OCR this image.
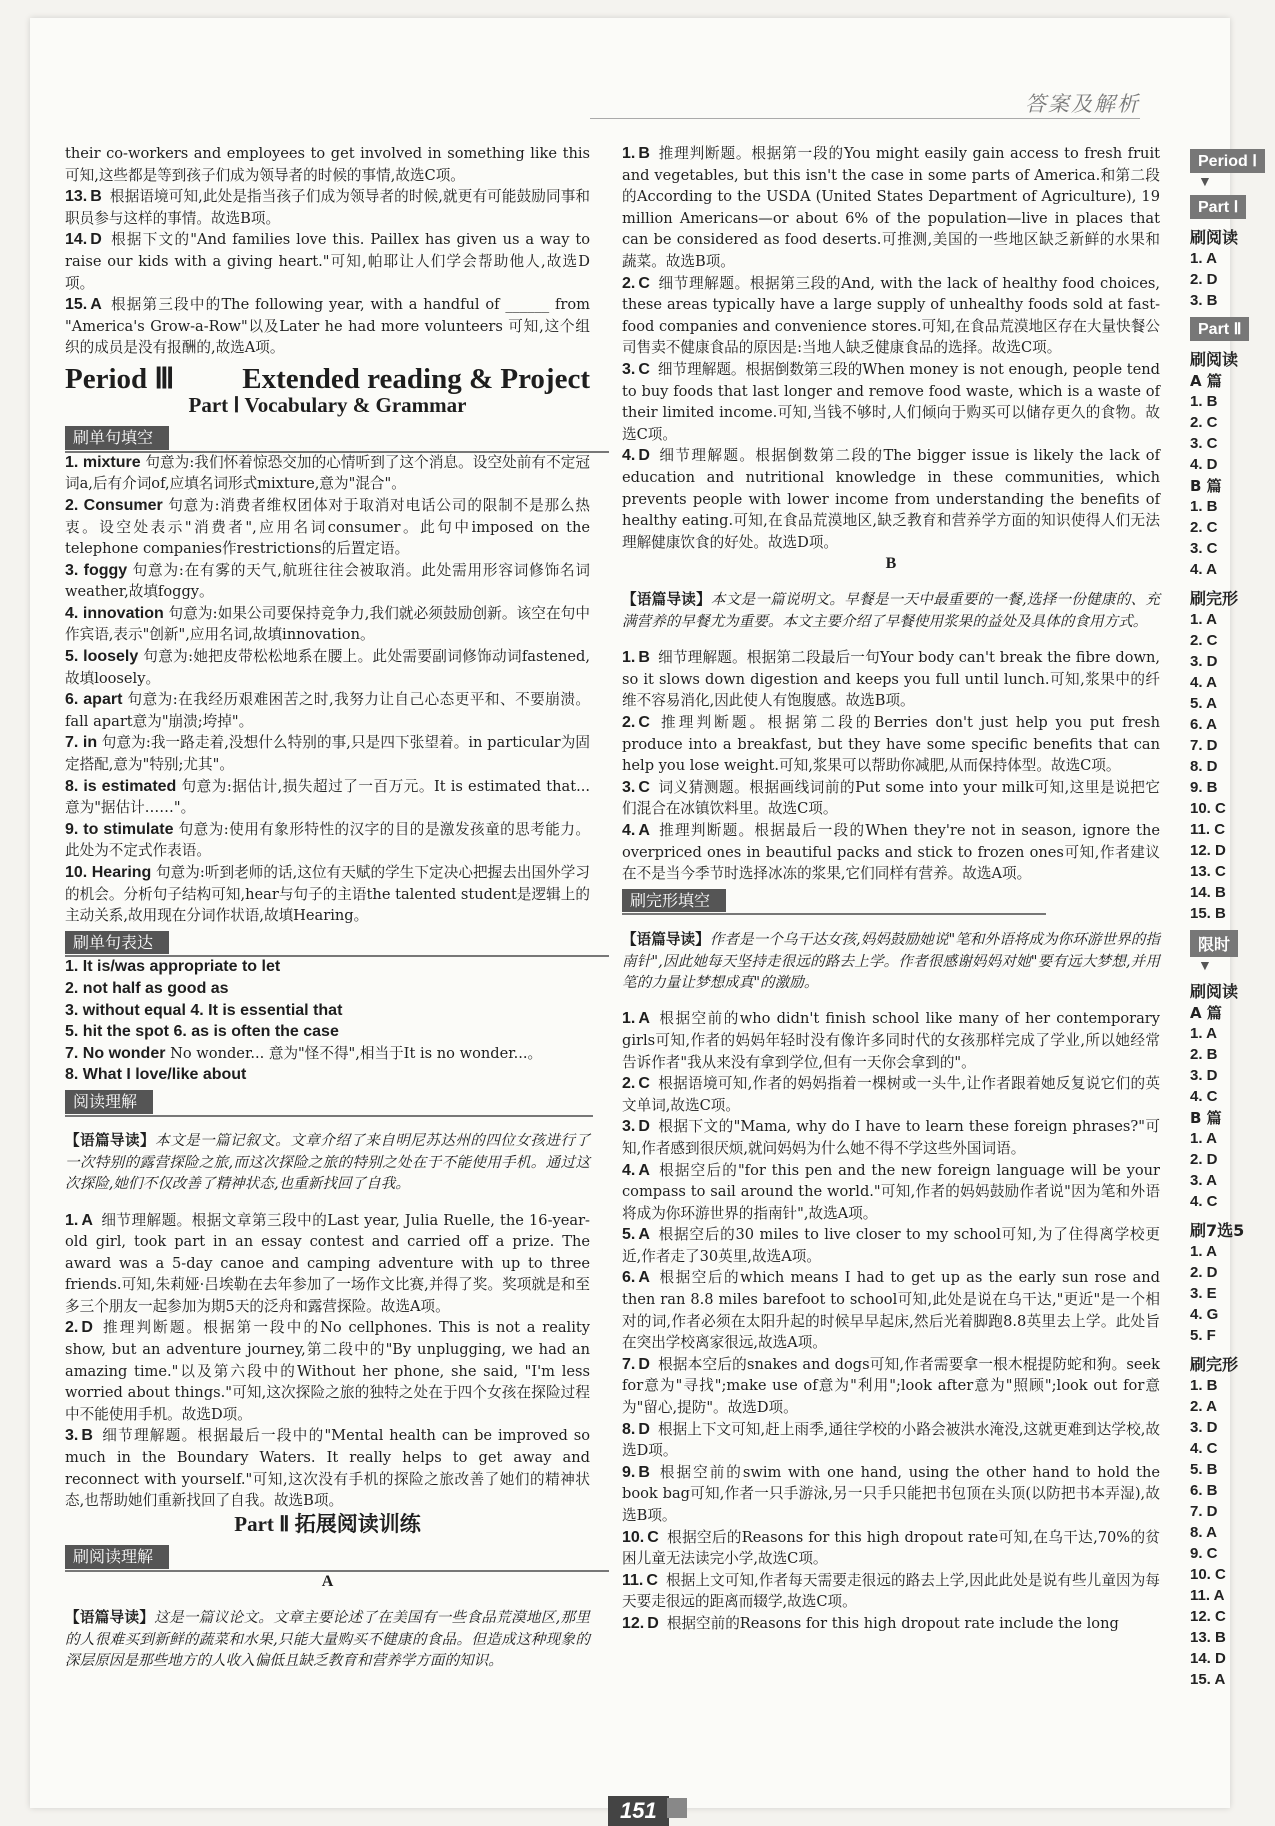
答案及解析

their co-workers and employees to get involved in something like this 可知,这些都是等到孩子们成为领导者的时候的事情,故选C项。

13. B 根据语境可知,此处是指当孩子们成为领导者的时候,就更有可能鼓励同事和职员参与这样的事情。故选B项。

14. D 根据下文的"And families love this. Paillex has given us a way to raise our kids with a giving heart."可知,帕耶让人们学会帮助他人,故选D项。

15. A 根据第三段中的The following year, with a handful of ______ from "America's Grow-a-Row"以及Later he had more volunteers 可知,这个组织的成员是没有报酬的,故选A项。

Period Ⅲ Extended reading & Project
Part Ⅰ Vocabulary & Grammar
刷单句填空

1. mixture 句意为:我们怀着惊恐交加的心情听到了这个消息。设空处前有不定冠词a,后有介词of,应填名词形式mixture,意为"混合"。

2. Consumer 句意为:消费者维权团体对于取消对电话公司的限制不是那么热衷。设空处表示"消费者",应用名词consumer。此句中imposed on the telephone companies作restrictions的后置定语。

3. foggy 句意为:在有雾的天气,航班往往会被取消。此处需用形容词修饰名词weather,故填foggy。

4. innovation 句意为:如果公司要保持竞争力,我们就必须鼓励创新。该空在句中作宾语,表示"创新",应用名词,故填innovation。

5. loosely 句意为:她把皮带松松地系在腰上。此处需要副词修饰动词fastened,故填loosely。

6. apart 句意为:在我经历艰难困苦之时,我努力让自己心态更平和、不要崩溃。fall apart意为"崩溃;垮掉"。

7. in 句意为:我一路走着,没想什么特别的事,只是四下张望着。in particular为固定搭配,意为"特别;尤其"。

8. is estimated 句意为:据估计,损失超过了一百万元。It is estimated that... 意为"据估计……"。

9. to stimulate 句意为:使用有象形特性的汉字的目的是激发孩童的思考能力。此处为不定式作表语。

10. Hearing 句意为:听到老师的话,这位有天赋的学生下定决心把握去出国外学习的机会。分析句子结构可知,hear与句子的主语the talented student是逻辑上的主动关系,故用现在分词作状语,故填Hearing。

刷单句表达

1. It is/was appropriate to let

2. not half as good as

3. without equal 4. It is essential that

5. hit the spot 6. as is often the case

7. No wonder No wonder... 意为"怪不得",相当于It is no wonder...。

8. What I love/like about

阅读理解

【语篇导读】本文是一篇记叙文。文章介绍了来自明尼苏达州的四位女孩进行了一次特别的露营探险之旅,而这次探险之旅的特别之处在于不能使用手机。通过这次探险,她们不仅改善了精神状态,也重新找回了自我。

1. A 细节理解题。根据文章第三段中的Last year, Julia Ruelle, the 16-year-old girl, took part in an essay contest and carried off a prize. The award was a 5-day canoe and camping adventure with up to three friends.可知,朱莉娅·吕埃勒在去年参加了一场作文比赛,并得了奖。奖项就是和至多三个朋友一起参加为期5天的泛舟和露营探险。故选A项。

2. D 推理判断题。根据第一段中的No cellphones. This is not a reality show, but an adventure journey,第二段中的"By unplugging, we had an amazing time."以及第六段中的Without her phone, she said, "I'm less worried about things."可知,这次探险之旅的独特之处在于四个女孩在探险过程中不能使用手机。故选D项。

3. B 细节理解题。根据最后一段中的"Mental health can be improved so much in the Boundary Waters. It really helps to get away and reconnect with yourself."可知,这次没有手机的探险之旅改善了她们的精神状态,也帮助她们重新找回了自我。故选B项。

Part Ⅱ 拓展阅读训练
刷阅读理解
A

【语篇导读】这是一篇议论文。文章主要论述了在美国有一些食品荒漠地区,那里的人很难买到新鲜的蔬菜和水果,只能大量购买不健康的食品。但造成这种现象的深层原因是那些地方的人收入偏低且缺乏教育和营养学方面的知识。

1. B 推理判断题。根据第一段的You might easily gain access to fresh fruit and vegetables, but this isn't the case in some parts of America.和第二段的According to the USDA (United States Department of Agriculture), 19 million Americans—or about 6% of the population—live in places that can be considered as food deserts.可推测,美国的一些地区缺乏新鲜的水果和蔬菜。故选B项。

2. C 细节理解题。根据第三段的And, with the lack of healthy food choices, these areas typically have a large supply of unhealthy foods sold at fast-food companies and convenience stores.可知,在食品荒漠地区存在大量快餐公司售卖不健康食品的原因是:当地人缺乏健康食品的选择。故选C项。

3. C 细节理解题。根据倒数第三段的When money is not enough, people tend to buy foods that last longer and remove food waste, which is a waste of their limited income.可知,当钱不够时,人们倾向于购买可以储存更久的食物。故选C项。

4. D 细节理解题。根据倒数第二段的The bigger issue is likely the lack of education and nutritional knowledge in these communities, which prevents people with lower income from understanding the benefits of healthy eating.可知,在食品荒漠地区,缺乏教育和营养学方面的知识使得人们无法理解健康饮食的好处。故选D项。

B

【语篇导读】本文是一篇说明文。早餐是一天中最重要的一餐,选择一份健康的、充满营养的早餐尤为重要。本文主要介绍了早餐使用浆果的益处及具体的食用方式。

1. B 细节理解题。根据第二段最后一句Your body can't break the fibre down, so it slows down digestion and keeps you full until lunch.可知,浆果中的纤维不容易消化,因此使人有饱腹感。故选B项。

2. C 推理判断题。根据第二段的Berries don't just help you put fresh produce into a breakfast, but they have some specific benefits that can help you lose weight.可知,浆果可以帮助你减肥,从而保持体型。故选C项。

3. C 词义猜测题。根据画线词前的Put some into your milk可知,这里是说把它们混合在冰镇饮料里。故选C项。

4. A 推理判断题。根据最后一段的When they're not in season, ignore the overpriced ones in beautiful packs and stick to frozen ones可知,作者建议在不是当今季节时选择冰冻的浆果,它们同样有营养。故选A项。

刷完形填空

【语篇导读】作者是一个乌干达女孩,妈妈鼓励她说"笔和外语将成为你环游世界的指南针",因此她每天坚持走很远的路去上学。作者很感谢妈妈对她"要有远大梦想,并用笔的力量让梦想成真"的激励。

1. A 根据空前的who didn't finish school like many of her contemporary girls可知,作者的妈妈年轻时没有像许多同时代的女孩那样完成了学业,所以她经常告诉作者"我从来没有拿到学位,但有一天你会拿到的"。

2. C 根据语境可知,作者的妈妈指着一棵树或一头牛,让作者跟着她反复说它们的英文单词,故选C项。

3. D 根据下文的"Mama, why do I have to learn these foreign phrases?"可知,作者感到很厌烦,就问妈妈为什么她不得不学这些外国词语。

4. A 根据空后的"for this pen and the new foreign language will be your compass to sail around the world."可知,作者的妈妈鼓励作者说"因为笔和外语将成为你环游世界的指南针",故选A项。

5. A 根据空后的30 miles to live closer to my school可知,为了住得离学校更近,作者走了30英里,故选A项。

6. A 根据空后的which means I had to get up as the early sun rose and then ran 8.8 miles barefoot to school可知,此处是说在乌干达,"更近"是一个相对的词,作者必须在太阳升起的时候早早起床,然后光着脚跑8.8英里去上学。此处旨在突出学校离家很远,故选A项。

7. D 根据本空后的snakes and dogs可知,作者需要拿一根木棍提防蛇和狗。seek for意为"寻找";make use of意为"利用";look after意为"照顾";look out for意为"留心,提防"。故选D项。

8. D 根据上下文可知,赶上雨季,通往学校的小路会被洪水淹没,这就更难到达学校,故选D项。

9. B 根据空前的swim with one hand, using the other hand to hold the book bag可知,作者一只手游泳,另一只手只能把书包顶在头顶(以防把书本弄湿),故选B项。

10. C 根据空后的Reasons for this high dropout rate可知,在乌干达,70%的贫困儿童无法读完小学,故选C项。

11. C 根据上文可知,作者每天需要走很远的路去上学,因此此处是说有些儿童因为每天要走很远的距离而辍学,故选C项。

12. D 根据空前的Reasons for this high dropout rate include the long

Period Ⅰ
▼
Part Ⅰ
刷阅读
1. A
2. D
3. B
Part Ⅱ
刷阅读
A 篇
1. B
2. C
3. C
4. D
B 篇
1. B
2. C
3. C
4. A
刷完形
1. A
2. C
3. D
4. A
5. A
6. A
7. D
8. D
9. B
10. C
11. C
12. D
13. C
14. B
15. B
限时
▼
刷阅读
A 篇
1. A
2. B
3. D
4. C
B 篇
1. A
2. D
3. A
4. C
刷7选5
1. A
2. D
3. E
4. G
5. F
刷完形
1. B
2. A
3. D
4. C
5. B
6. B
7. D
8. A
9. C
10. C
11. A
12. C
13. B
14. D
15. A
151
